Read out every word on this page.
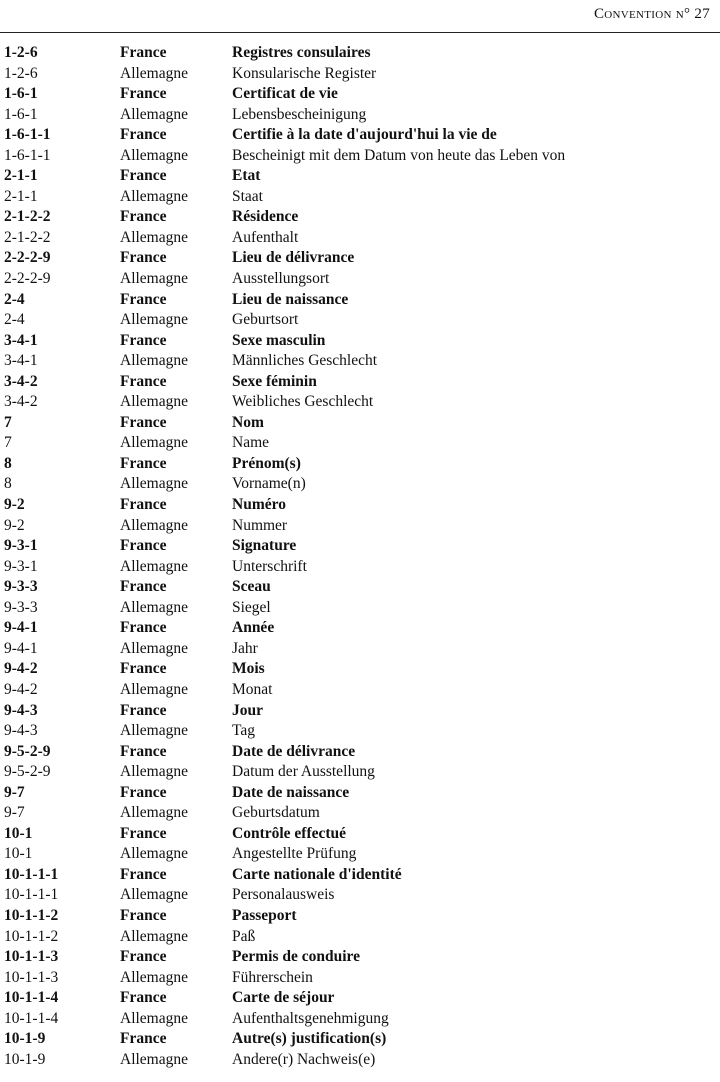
Convention n° 27
1-2-6	France	Registres consulaires
1-2-6	Allemagne	Konsularische Register
1-6-1	France	Certificat de vie
1-6-1	Allemagne	Lebensbescheinigung
1-6-1-1	France	Certifie à la date d'aujourd'hui la vie de
1-6-1-1	Allemagne	Bescheinigt mit dem Datum von heute das Leben von
2-1-1	France	Etat
2-1-1	Allemagne	Staat
2-1-2-2	France	Résidence
2-1-2-2	Allemagne	Aufenthalt
2-2-2-9	France	Lieu de délivrance
2-2-2-9	Allemagne	Ausstellungsort
2-4	France	Lieu de naissance
2-4	Allemagne	Geburtsort
3-4-1	France	Sexe masculin
3-4-1	Allemagne	Männliches Geschlecht
3-4-2	France	Sexe féminin
3-4-2	Allemagne	Weibliches Geschlecht
7	France	Nom
7	Allemagne	Name
8	France	Prénom(s)
8	Allemagne	Vorname(n)
9-2	France	Numéro
9-2	Allemagne	Nummer
9-3-1	France	Signature
9-3-1	Allemagne	Unterschrift
9-3-3	France	Sceau
9-3-3	Allemagne	Siegel
9-4-1	France	Année
9-4-1	Allemagne	Jahr
9-4-2	France	Mois
9-4-2	Allemagne	Monat
9-4-3	France	Jour
9-4-3	Allemagne	Tag
9-5-2-9	France	Date de délivrance
9-5-2-9	Allemagne	Datum der Ausstellung
9-7	France	Date de naissance
9-7	Allemagne	Geburtsdatum
10-1	France	Contrôle effectué
10-1	Allemagne	Angestellte Prüfung
10-1-1-1	France	Carte nationale d'identité
10-1-1-1	Allemagne	Personalausweis
10-1-1-2	France	Passeport
10-1-1-2	Allemagne	Paß
10-1-1-3	France	Permis de conduire
10-1-1-3	Allemagne	Führerschein
10-1-1-4	France	Carte de séjour
10-1-1-4	Allemagne	Aufenthaltsgenehmigung
10-1-9	France	Autre(s) justification(s)
10-1-9	Allemagne	Andere(r) Nachweis(e)
